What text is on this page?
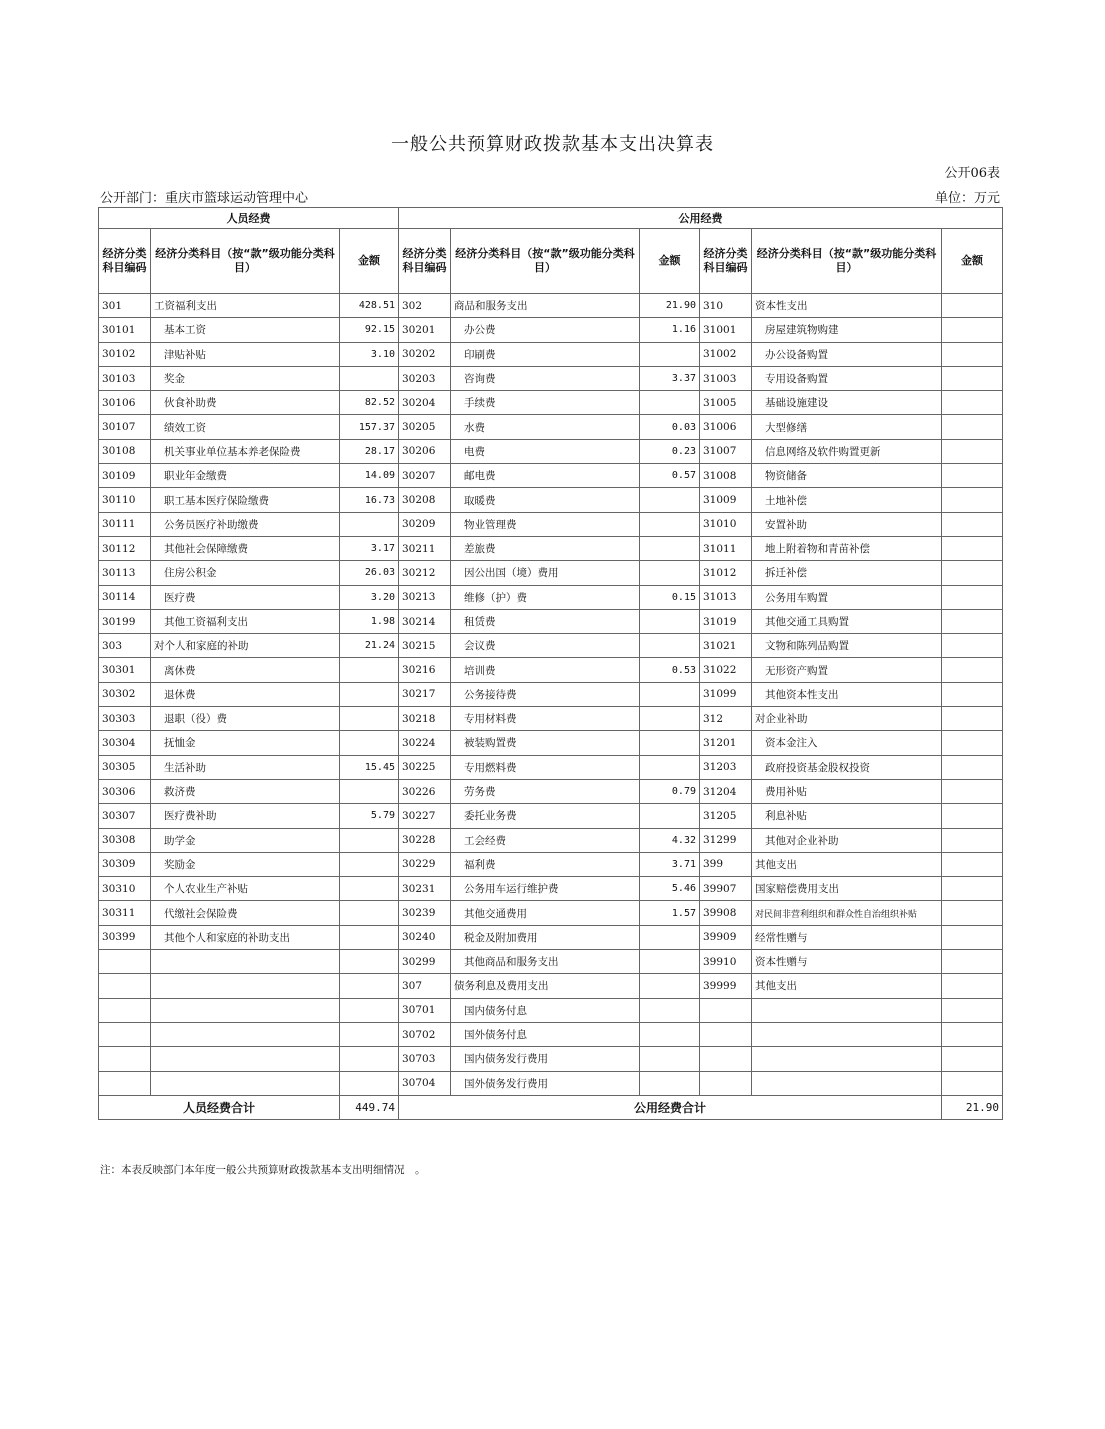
一般公共预算财政拨款基本支出决算表
公开06表
公开部门：重庆市篮球运动管理中心	单位：万元
人员经费			公用经费					
经济分类科目编码	经济分类科目（按“款”级功能分类科目）	金额	经济分类科目编码	经济分类科目（按“款”级功能分类科目）	金额	经济分类科目编码	经济分类科目（按“款”级功能分类科目）	金额
301	工资福利支出	428.51	302	商品和服务支出	21.90	310	资本性支出	
30101	基本工资	92.15	30201	办公费	1.16	31001	房屋建筑物购建	
30102	津贴补贴	3.10	30202	印刷费		31002	办公设备购置	
30103	奖金		30203	咨询费	3.37	31003	专用设备购置	
30106	伙食补助费	82.52	30204	手续费		31005	基础设施建设	
30107	绩效工资	157.37	30205	水费	0.03	31006	大型修缮	
30108	机关事业单位基本养老保险费	28.17	30206	电费	0.23	31007	信息网络及软件购置更新	
30109	职业年金缴费	14.09	30207	邮电费	0.57	31008	物资储备	
30110	职工基本医疗保险缴费	16.73	30208	取暖费		31009	土地补偿	
30111	公务员医疗补助缴费		30209	物业管理费		31010	安置补助	
30112	其他社会保障缴费	3.17	30211	差旅费		31011	地上附着物和青苗补偿	
30113	住房公积金	26.03	30212	因公出国（境）费用		31012	拆迁补偿	
30114	医疗费	3.20	30213	维修（护）费	0.15	31013	公务用车购置	
30199	其他工资福利支出	1.98	30214	租赁费		31019	其他交通工具购置	
303	对个人和家庭的补助	21.24	30215	会议费		31021	文物和陈列品购置	
30301	离休费		30216	培训费	0.53	31022	无形资产购置	
30302	退休费		30217	公务接待费		31099	其他资本性支出	
30303	退职（役）费		30218	专用材料费		312	对企业补助	
30304	抚恤金		30224	被装购置费		31201	资本金注入	
30305	生活补助	15.45	30225	专用燃料费		31203	政府投资基金股权投资	
30306	救济费		30226	劳务费	0.79	31204	费用补贴	
30307	医疗费补助	5.79	30227	委托业务费		31205	利息补贴	
30308	助学金		30228	工会经费	4.32	31299	其他对企业补助	
30309	奖励金		30229	福利费	3.71	399	其他支出	
30310	个人农业生产补贴		30231	公务用车运行维护费	5.46	39907	国家赔偿费用支出	
30311	代缴社会保险费		30239	其他交通费用	1.57	39908	对民间非营利组织和群众性自治组织补贴	
30399	其他个人和家庭的补助支出		30240	税金及附加费用		39909	经常性赠与	
			30299	其他商品和服务支出		39910	资本性赠与	
			307	债务利息及费用支出		39999	其他支出	
			30701	国内债务付息				
			30702	国外债务付息				
			30703	国内债务发行费用				
			30704	国外债务发行费用				
人员经费合计		449.74	公用经费合计					21.90
注：本表反映部门本年度一般公共预算财政拨款基本支出明细情况　。
